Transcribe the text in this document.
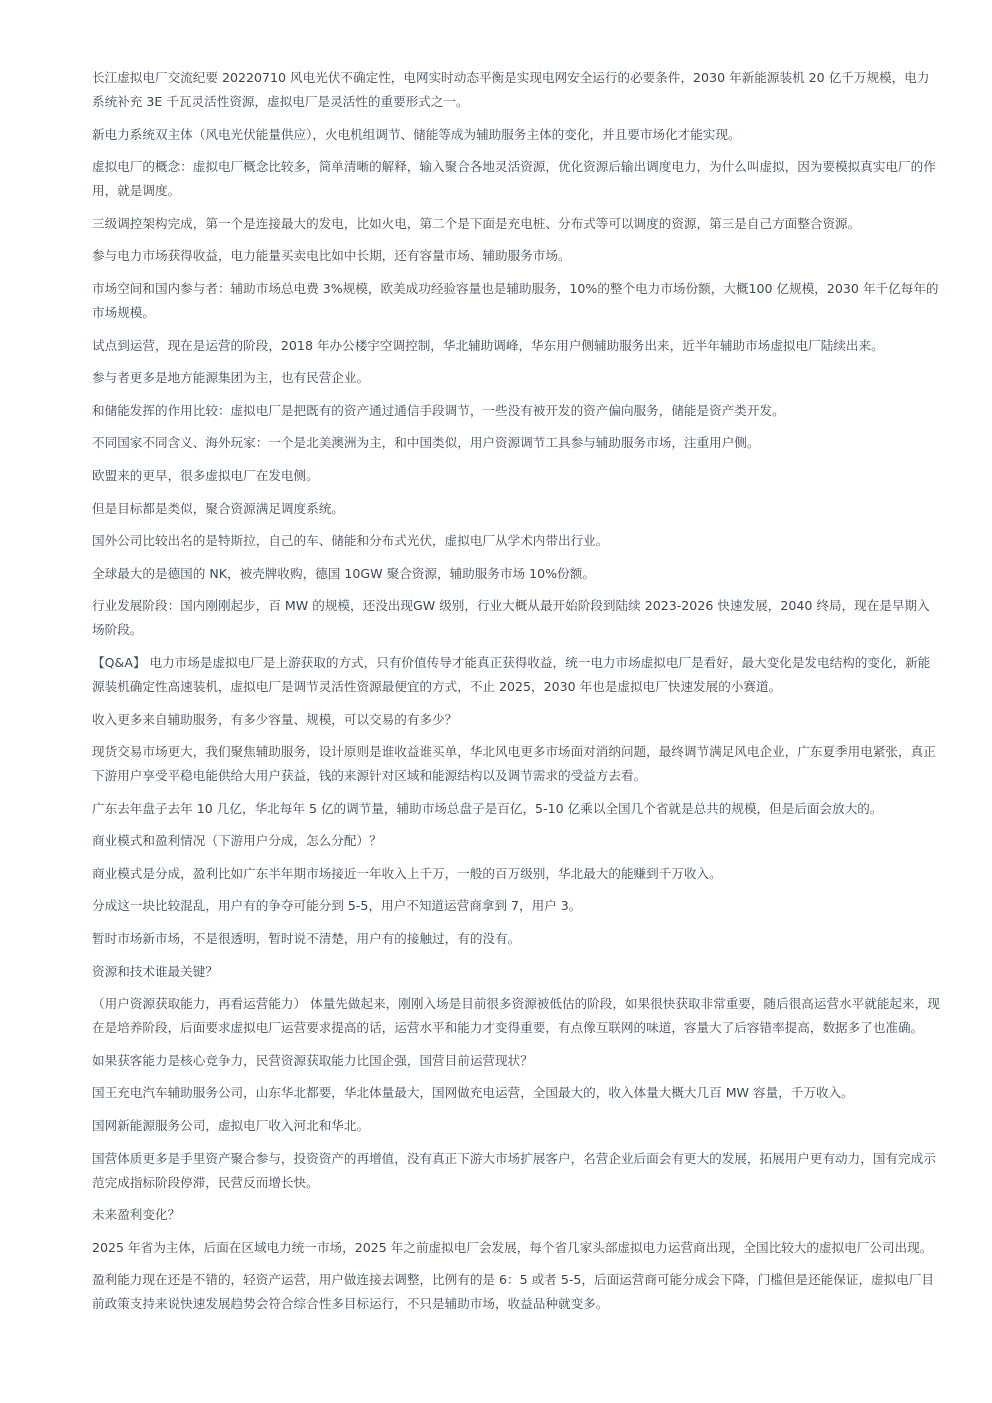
长江虚拟电厂交流纪要 20220710 风电光伏不确定性，电网实时动态平衡是实现电网安全运行的必要条件，2030 年新能源装机 20 亿千万规模，电力系统补充 3E 千瓦灵活性资源，虚拟电厂是灵活性的重要形式之一。

新电力系统双主体（风电光伏能量供应），火电机组调节、储能等成为辅助服务主体的变化，并且要市场化才能实现。

虚拟电厂的概念：虚拟电厂概念比较多，简单清晰的解释，输入聚合各地灵活资源，优化资源后输出调度电力，为什么叫虚拟，因为要模拟真实电厂的作用，就是调度。

三级调控架构完成，第一个是连接最大的发电，比如火电，第二个是下面是充电桩、分布式等可以调度的资源，第三是自己方面整合资源。

参与电力市场获得收益，电力能量买卖电比如中长期，还有容量市场、辅助服务市场。

市场空间和国内参与者：辅助市场总电费 3%规模，欧美成功经验容量也是辅助服务，10%的整个电力市场份额，大概100 亿规模，2030 年千亿每年的市场规模。

试点到运营，现在是运营的阶段，2018 年办公楼宇空调控制，华北辅助调峰，华东用户侧辅助服务出来，近半年辅助市场虚拟电厂陆续出来。

参与者更多是地方能源集团为主，也有民营企业。

和储能发挥的作用比较：虚拟电厂是把既有的资产通过通信手段调节，一些没有被开发的资产偏向服务，储能是资产类开发。

不同国家不同含义、海外玩家：一个是北美澳洲为主，和中国类似，用户资源调节工具参与辅助服务市场，注重用户侧。

欧盟来的更早，很多虚拟电厂在发电侧。

但是目标都是类似，聚合资源满足调度系统。

国外公司比较出名的是特斯拉，自己的车、储能和分布式光伏，虚拟电厂从学术内带出行业。

全球最大的是德国的 NK，被壳牌收购，德国 10GW 聚合资源，辅助服务市场 10%份额。

行业发展阶段：国内刚刚起步，百 MW 的规模，还没出现GW 级别，行业大概从最开始阶段到陆续 2023-2026 快速发展，2040 终局，现在是早期入场阶段。

【Q&A】 电力市场是虚拟电厂是上游获取的方式，只有价值传导才能真正获得收益，统一电力市场虚拟电厂是看好，最大变化是发电结构的变化，新能源装机确定性高速装机，虚拟电厂是调节灵活性资源最便宜的方式，不止 2025，2030 年也是虚拟电厂快速发展的小赛道。

收入更多来自辅助服务，有多少容量、规模，可以交易的有多少？

现货交易市场更大，我们聚焦辅助服务，设计原则是谁收益谁买单，华北风电更多市场面对消纳问题，最终调节满足风电企业，广东夏季用电紧张，真正下游用户享受平稳电能供给大用户获益，钱的来源针对区域和能源结构以及调节需求的受益方去看。

广东去年盘子去年 10 几亿，华北每年 5 亿的调节量，辅助市场总盘子是百亿，5-10 亿乘以全国几个省就是总共的规模，但是后面会放大的。

商业模式和盈利情况（下游用户分成，怎么分配）？

商业模式是分成，盈利比如广东半年期市场接近一年收入上千万，一般的百万级别，华北最大的能赚到千万收入。

分成这一块比较混乱，用户有的争夺可能分到 5-5，用户不知道运营商拿到 7，用户 3。

暂时市场新市场，不是很透明，暂时说不清楚，用户有的接触过，有的没有。

资源和技术谁最关键？

（用户资源获取能力，再看运营能力） 体量先做起来，刚刚入场是目前很多资源被低估的阶段，如果很快获取非常重要，随后很高运营水平就能起来，现在是培养阶段，后面要求虚拟电厂运营要求提高的话，运营水平和能力才变得重要，有点像互联网的味道，容量大了后容错率提高，数据多了也准确。

如果获客能力是核心竞争力，民营资源获取能力比国企强，国营目前运营现状？

国王充电汽车辅助服务公司，山东华北都要，华北体量最大，国网做充电运营，全国最大的，收入体量大概大几百 MW 容量，千万收入。

国网新能源服务公司，虚拟电厂收入河北和华北。

国营体质更多是手里资产聚合参与，投资资产的再增值，没有真正下游大市场扩展客户，名营企业后面会有更大的发展，拓展用户更有动力，国有完成示范完成指标阶段停滞，民营反而增长快。

未来盈利变化？

2025 年省为主体，后面在区域电力统一市场，2025 年之前虚拟电厂会发展，每个省几家头部虚拟电力运营商出现，全国比较大的虚拟电厂公司出现。

盈利能力现在还是不错的，轻资产运营，用户做连接去调整，比例有的是 6：5 或者 5-5，后面运营商可能分成会下降，门槛但是还能保证，虚拟电厂目前政策支持来说快速发展趋势会符合综合性多目标运行，不只是辅助市场，收益品种就变多。
